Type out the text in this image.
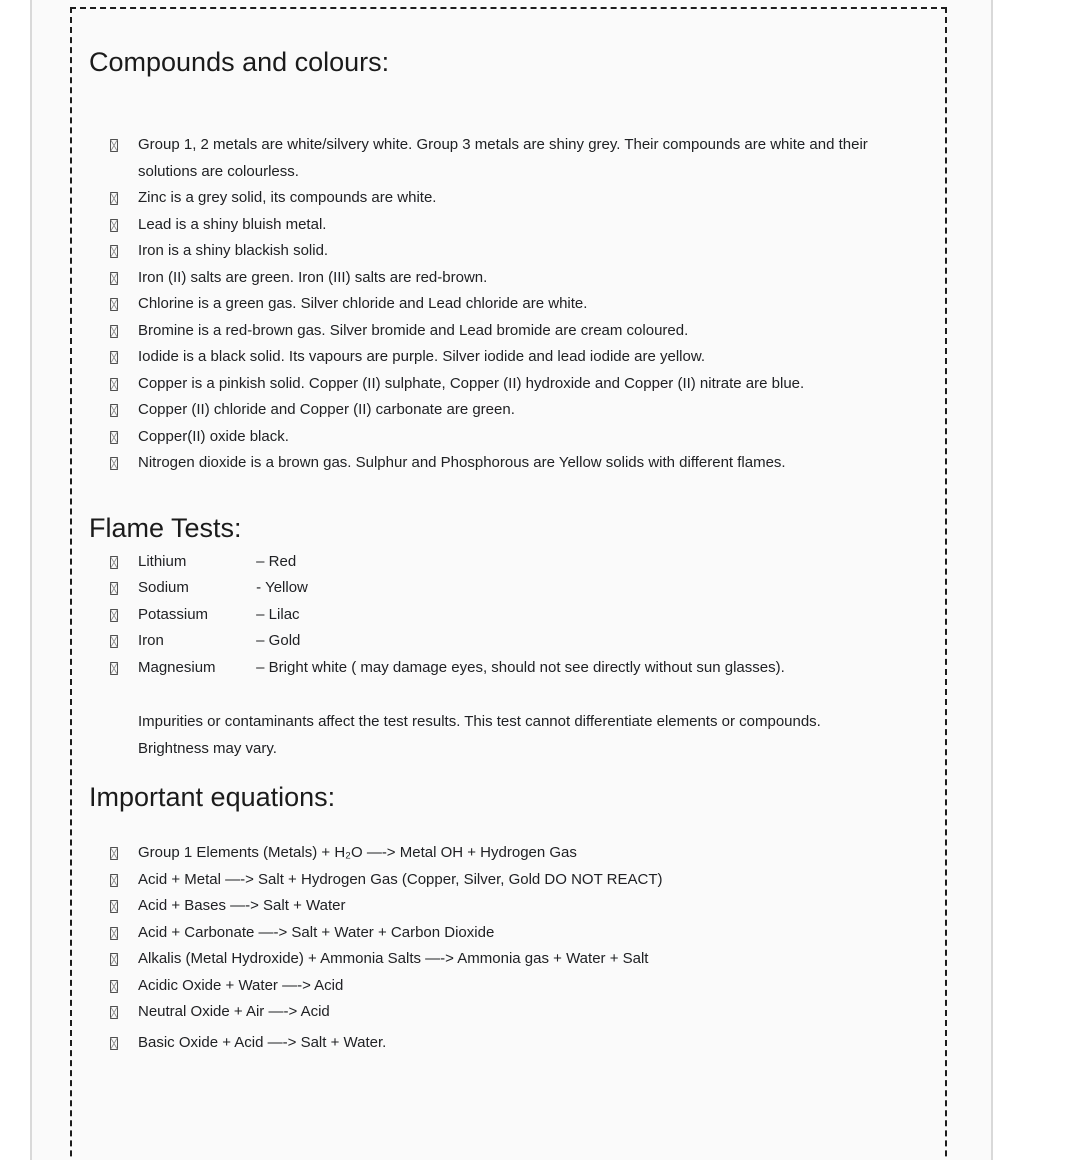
Compounds and colours:
Group 1, 2 metals are white/silvery white. Group 3 metals are shiny grey. Their compounds are white and their solutions are colourless.
Zinc is a grey solid, its compounds are white.
Lead is a shiny bluish metal.
Iron is a shiny blackish solid.
Iron (II) salts are green. Iron (III) salts are red-brown.
Chlorine is a green gas. Silver chloride and Lead chloride are white.
Bromine is a red-brown gas. Silver bromide and Lead bromide are cream coloured.
Iodide is a black solid. Its vapours are purple. Silver iodide and lead iodide are yellow.
Copper is a pinkish solid. Copper (II) sulphate, Copper (II) hydroxide and Copper (II) nitrate are blue.
Copper (II) chloride and Copper (II) carbonate are green.
Copper(II) oxide black.
Nitrogen dioxide is a brown gas. Sulphur and Phosphorous are Yellow solids with different flames.
Flame Tests:
Lithium	– Red
Sodium	- Yellow
Potassium	– Lilac
Iron	– Gold
Magnesium	– Bright white ( may damage eyes, should not see directly without sun glasses).

Impurities or contaminants affect the test results. This test cannot differentiate elements or compounds. Brightness may vary.

Important equations:
Group 1 Elements (Metals) + H₂O —-> Metal OH + Hydrogen Gas
Acid + Metal —-> Salt + Hydrogen Gas (Copper, Silver, Gold DO NOT REACT)
Acid + Bases —-> Salt + Water
Acid + Carbonate —-> Salt + Water + Carbon Dioxide
Alkalis (Metal Hydroxide) + Ammonia Salts —-> Ammonia gas + Water + Salt
Acidic Oxide + Water —-> Acid
Neutral Oxide + Air —-> Acid
Basic Oxide + Acid —-> Salt + Water.
